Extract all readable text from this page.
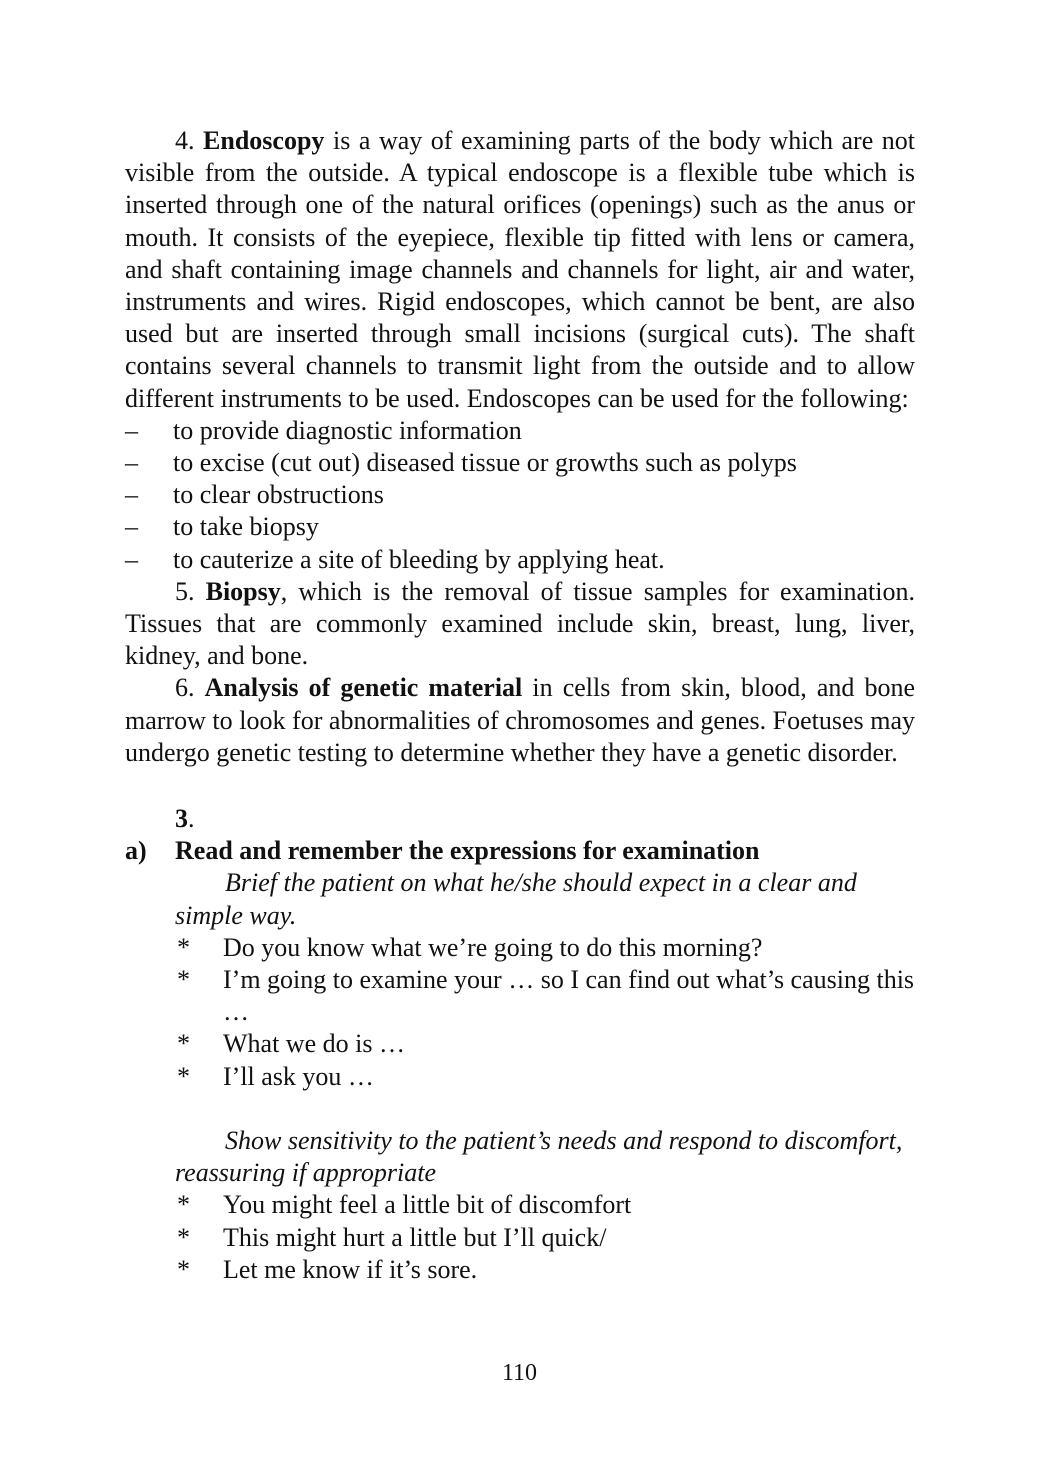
4. Endoscopy is a way of examining parts of the body which are not visible from the outside. A typical endoscope is a flexible tube which is inserted through one of the natural orifices (openings) such as the anus or mouth. It consists of the eyepiece, flexible tip fitted with lens or camera, and shaft containing image channels and channels for light, air and water, instruments and wires. Rigid endoscopes, which cannot be bent, are also used but are inserted through small incisions (surgical cuts). The shaft contains several channels to transmit light from the outside and to allow different instruments to be used. Endoscopes can be used for the following:

– to provide diagnostic information
– to excise (cut out) diseased tissue or growths such as polyps
– to clear obstructions
– to take biopsy
– to cauterize a site of bleeding by applying heat.

5. Biopsy, which is the removal of tissue samples for examination. Tissues that are commonly examined include skin, breast, lung, liver, kidney, and bone.

6. Analysis of genetic material in cells from skin, blood, and bone marrow to look for abnormalities of chromosomes and genes. Foetuses may undergo genetic testing to determine whether they have a genetic disorder.

3.

a) Read and remember the expressions for examination

Brief the patient on what he/she should expect in a clear and simple way.

* Do you know what we’re going to do this morning?
* I’m going to examine your … so I can find out what’s causing this …
* What we do is …
* I’ll ask you …

Show sensitivity to the patient’s needs and respond to discomfort, reassuring if appropriate

* You might feel a little bit of discomfort
* This might hurt a little but I’ll quick/
* Let me know if it’s sore.
110
